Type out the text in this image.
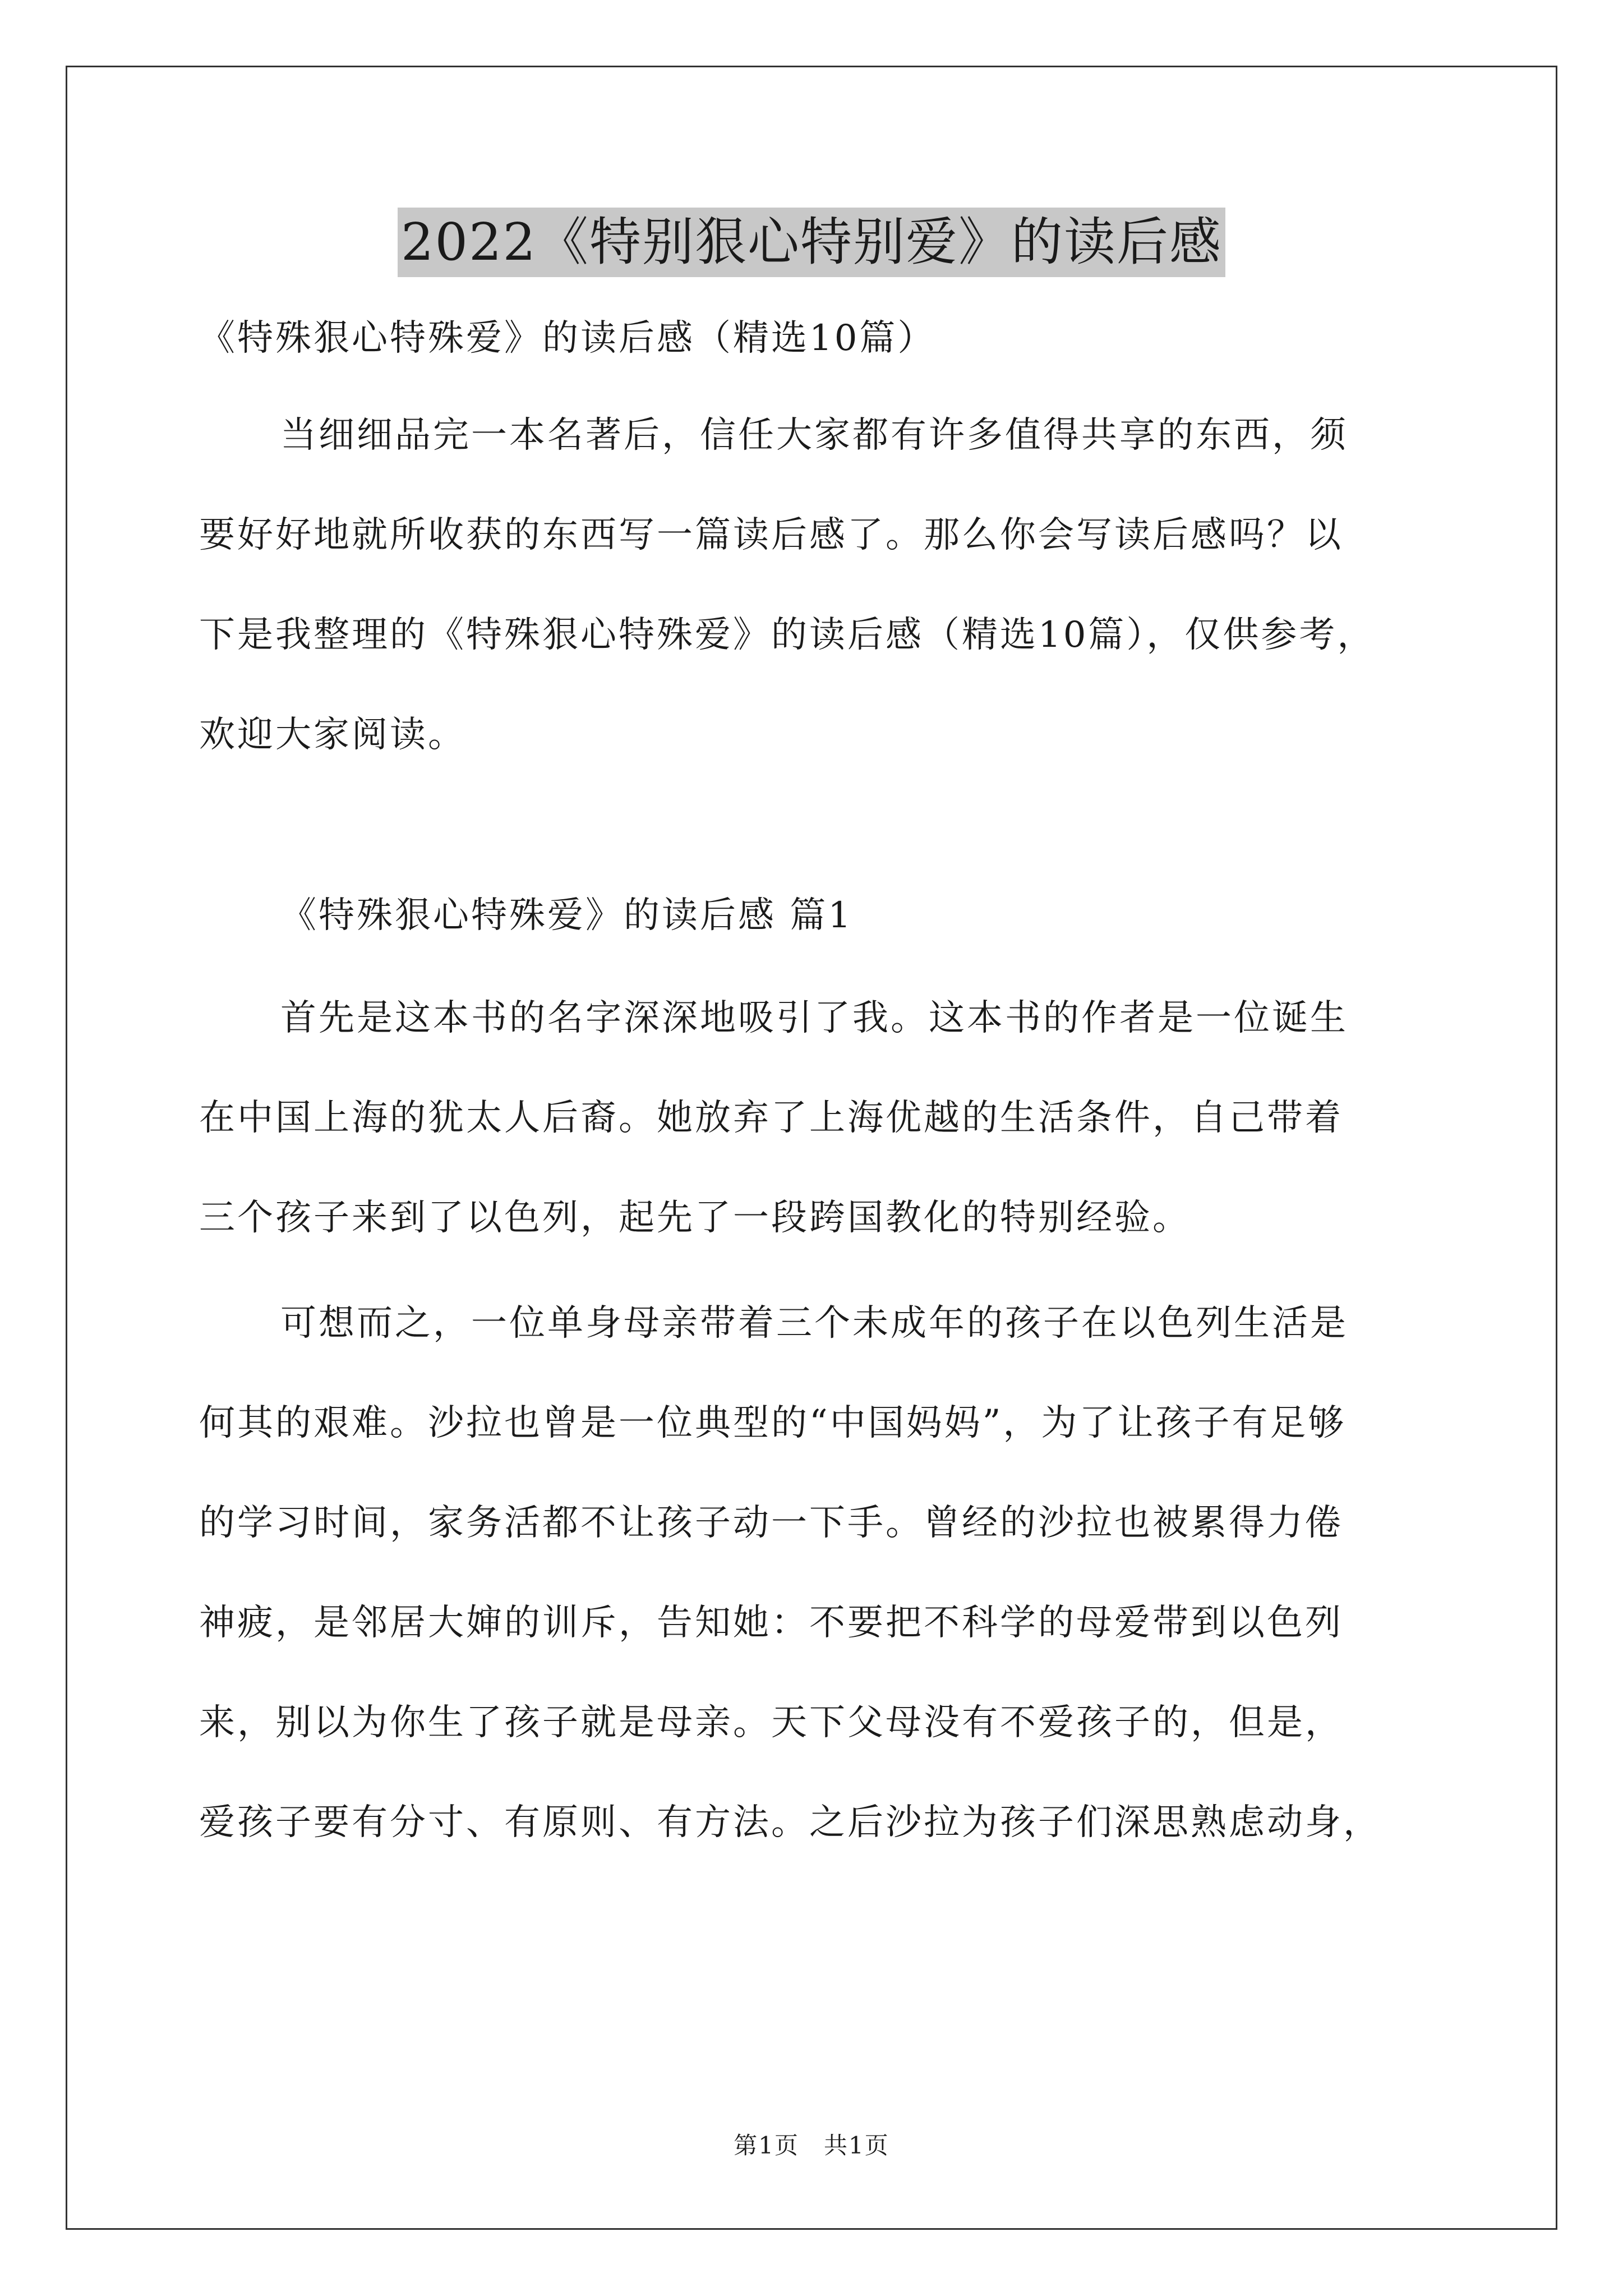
2022《特别狠心特别爱》的读后感
《特殊狠心特殊爱》的读后感（精选10篇）
当细细品完一本名著后，信任大家都有许多值得共享的东西，须
要好好地就所收获的东西写一篇读后感了。那么你会写读后感吗？以
下是我整理的《特殊狠心特殊爱》的读后感（精选10篇），仅供参考，
欢迎大家阅读。
《特殊狠心特殊爱》的读后感 篇1
首先是这本书的名字深深地吸引了我。这本书的作者是一位诞生
在中国上海的犹太人后裔。她放弃了上海优越的生活条件，自己带着
三个孩子来到了以色列，起先了一段跨国教化的特别经验。
可想而之，一位单身母亲带着三个未成年的孩子在以色列生活是
何其的艰难。沙拉也曾是一位典型的“中国妈妈”，为了让孩子有足够
的学习时间，家务活都不让孩子动一下手。曾经的沙拉也被累得力倦
神疲，是邻居大婶的训斥，告知她：不要把不科学的母爱带到以色列
来，别以为你生了孩子就是母亲。天下父母没有不爱孩子的，但是，
爱孩子要有分寸、有原则、有方法。之后沙拉为孩子们深思熟虑动身，
第1页　共1页
